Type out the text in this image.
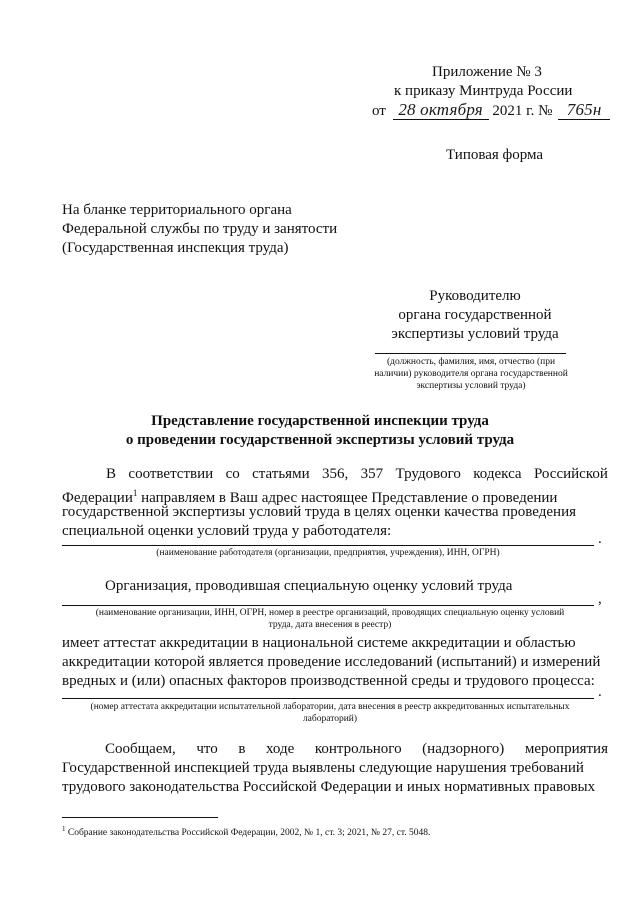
Приложение № 3
к приказу Минтруда России
от 28 октября 2021 г. № 765н
Типовая форма
На бланке территориального органа
Федеральной службы по труду и занятости
(Государственная инспекция труда)
Руководителю
органа государственной
экспертизы условий труда
(должность, фамилия, имя, отчество (при
наличии) руководителя органа государственной
экспертизы условий труда)
Представление государственной инспекции труда
о проведении государственной экспертизы условий труда
В соответствии со статьями 356, 357 Трудового кодекса Российской
Федерации$^1$ направляем в Ваш адрес настоящее Представление о проведении
государственной экспертизы условий труда в целях оценки качества проведения
специальной оценки условий труда у работодателя:	.
(наименование работодателя (организации, предприятия, учреждения), ИНН, ОГРН)
Организация, проводившая специальную оценку условий труда
,
(наименование организации, ИНН, ОГРН, номер в реестре организаций, проводящих специальную оценку условий
труда, дата внесения в реестр)
имеет аттестат аккредитации в национальной системе аккредитации и областью
аккредитации которой является проведение исследований (испытаний) и измерений
вредных и (или) опасных факторов производственной среды и трудового процесса:
.
(номер аттестата аккредитации испытательной лаборатории, дата внесения в реестр аккредитованных испытательных
лабораторий)
Сообщаем, что в ходе контрольного (надзорного) мероприятия
Государственной инспекцией труда выявлены следующие нарушения требований
трудового законодательства Российской Федерации и иных нормативных правовых
$^1$ Собрание законодательства Российской Федерации, 2002, № 1, ст. 3; 2021, № 27, ст. 5048.
